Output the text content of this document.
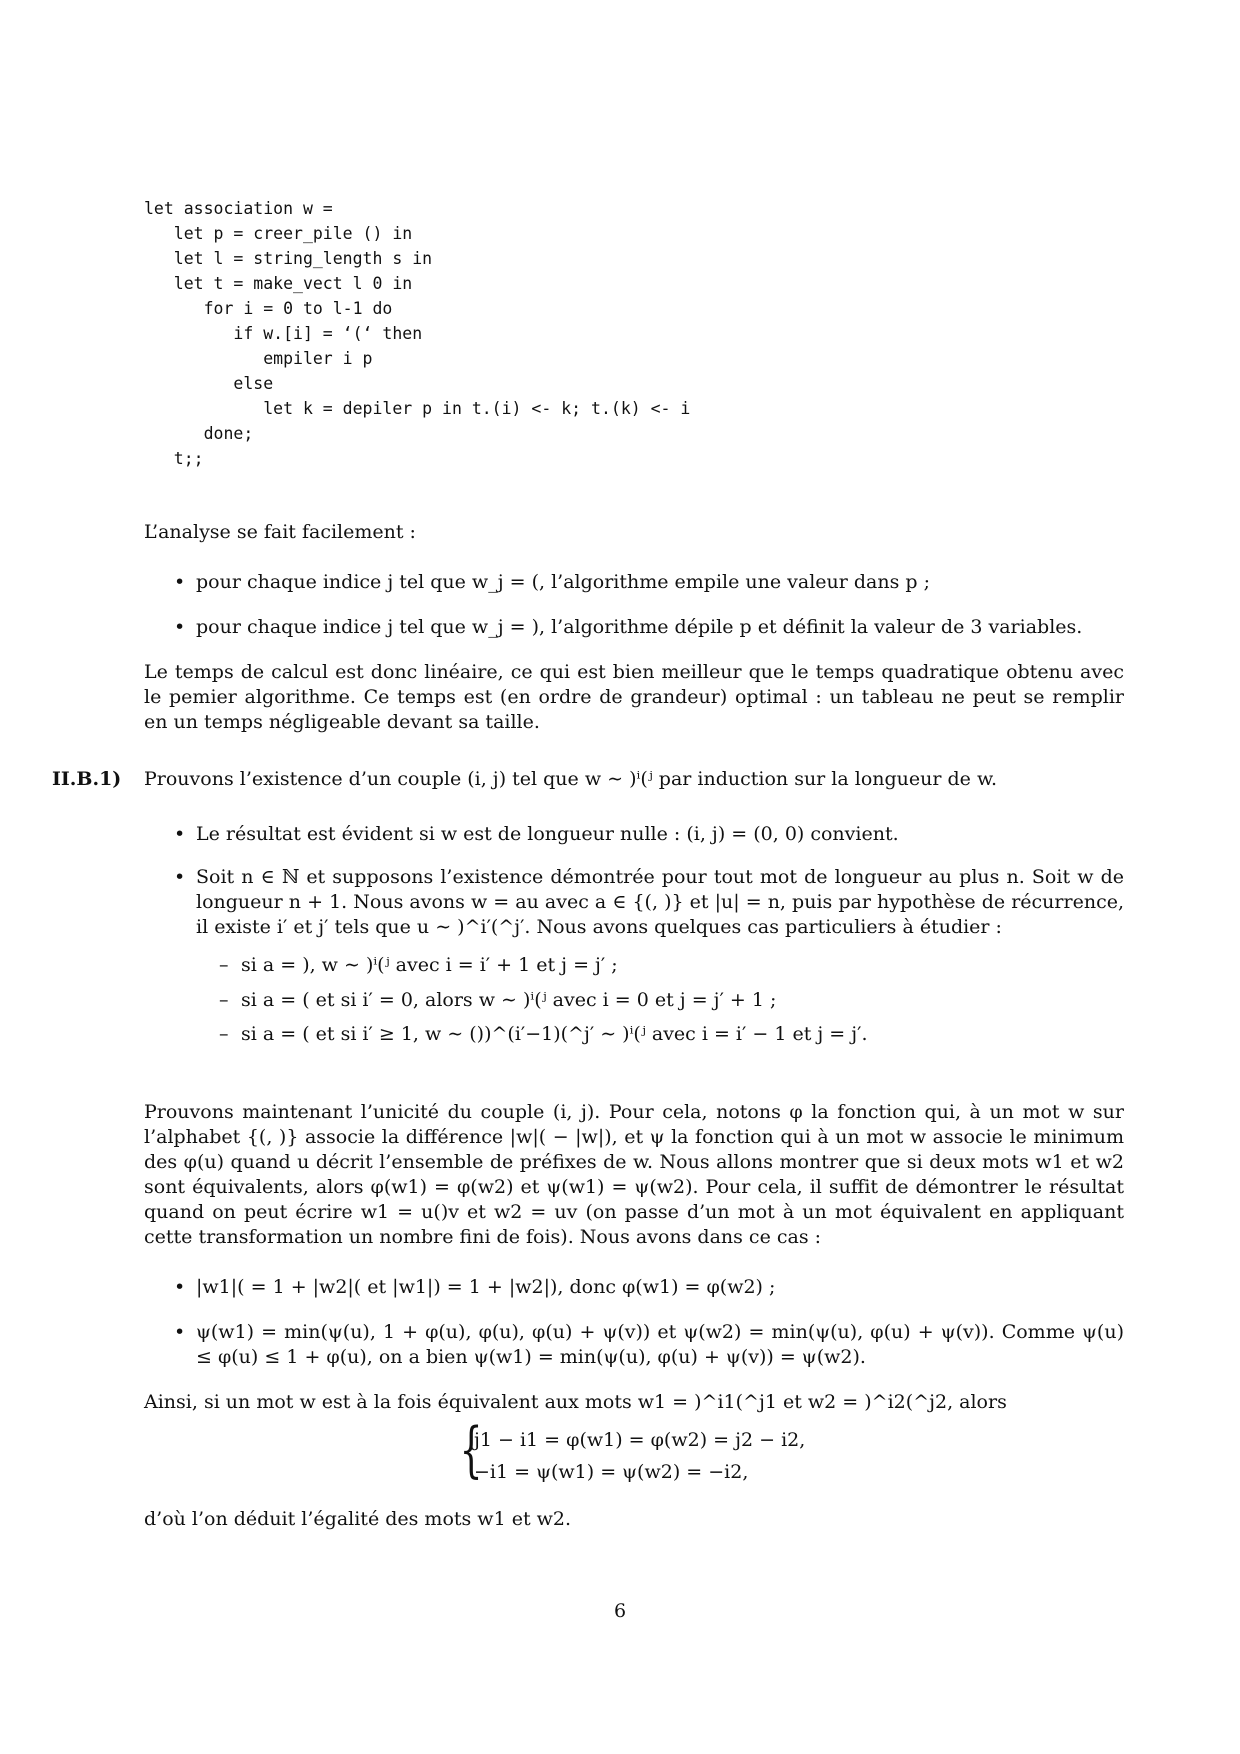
let association w =
let p = creer_pile () in
let l = string_length s in
let t = make_vect l 0 in
for i = 0 to l-1 do
if w.[i] = ‘(‘ then
empiler i p
else
let k = depiler p in t.(i) <- k; t.(k) <- i
done;
t;;

L’analyse se fait facilement :

• pour chaque indice j tel que w_j = (, l’algorithme empile une valeur dans p ;
• pour chaque indice j tel que w_j = ), l’algorithme dépile p et définit la valeur de 3 variables.

Le temps de calcul est donc linéaire, ce qui est bien meilleur que le temps quadratique obtenu avec le pemier algorithme. Ce temps est (en ordre de grandeur) optimal : un tableau ne peut se remplir en un temps négligeable devant sa taille.

II.B.1) Prouvons l’existence d’un couple (i, j) tel que w ∼ )ⁱ(ʲ par induction sur la longueur de w.

• Le résultat est évident si w est de longueur nulle : (i, j) = (0, 0) convient.
• Soit n ∈ ℕ et supposons l’existence démontrée pour tout mot de longueur au plus n. Soit w de longueur n + 1. Nous avons w = au avec a ∈ {(, )} et |u| = n, puis par hypothèse de récurrence, il existe i′ et j′ tels que u ∼ )^i′(^j′. Nous avons quelques cas particuliers à étudier :
– si a = ), w ∼ )ⁱ(ʲ avec i = i′ + 1 et j = j′ ;
– si a = ( et si i′ = 0, alors w ∼ )ⁱ(ʲ avec i = 0 et j = j′ + 1 ;
– si a = ( et si i′ ≥ 1, w ∼ ())^(i′−1)(^j′ ∼ )ⁱ(ʲ avec i = i′ − 1 et j = j′.

Prouvons maintenant l’unicité du couple (i, j). Pour cela, notons φ la fonction qui, à un mot w sur l’alphabet {(, )} associe la différence |w|( − |w|), et ψ la fonction qui à un mot w associe le minimum des φ(u) quand u décrit l’ensemble de préfixes de w. Nous allons montrer que si deux mots w1 et w2 sont équivalents, alors φ(w1) = φ(w2) et ψ(w1) = ψ(w2). Pour cela, il suffit de démontrer le résultat quand on peut écrire w1 = u()v et w2 = uv (on passe d’un mot à un mot équivalent en appliquant cette transformation un nombre fini de fois). Nous avons dans ce cas :

• |w1|( = 1 + |w2|( et |w1|) = 1 + |w2|), donc φ(w1) = φ(w2) ;
• ψ(w1) = min(ψ(u), 1 + φ(u), φ(u), φ(u) + ψ(v)) et ψ(w2) = min(ψ(u), φ(u) + ψ(v)). Comme ψ(u) ≤ φ(u) ≤ 1 + φ(u), on a bien ψ(w1) = min(ψ(u), φ(u) + ψ(v)) = ψ(w2).

Ainsi, si un mot w est à la fois équivalent aux mots w1 = )^i1(^j1 et w2 = )^i2(^j2, alors

{
j1 − i1 = φ(w1) = φ(w2) = j2 − i2,
−i1 = ψ(w1) = ψ(w2) = −i2,

d’où l’on déduit l’égalité des mots w1 et w2.

6
